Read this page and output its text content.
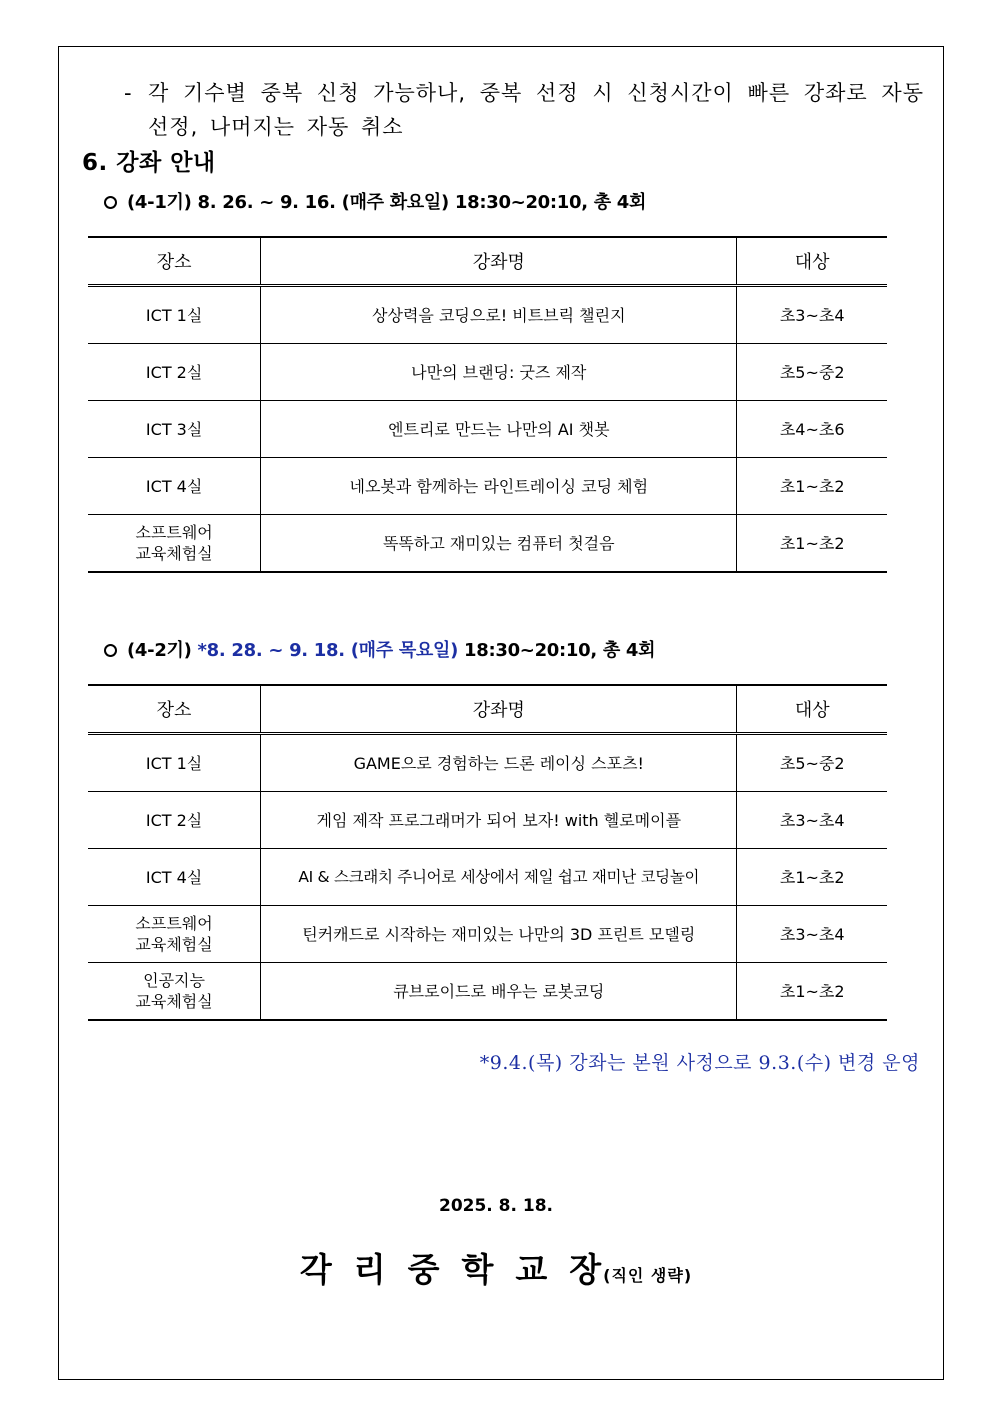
- 각 기수별 중복 신청 가능하나, 중복 선정 시 신청시간이 빠른 강좌로 자동 선정, 나머지는 자동 취소
6. 강좌 안내
(4-1기) 8. 26. ~ 9. 16. (매주 화요일) 18:30~20:10, 총 4회
장소	강좌명	대상
ICT 1실	상상력을 코딩으로! 비트브릭 챌린지	초3~초4
ICT 2실	나만의 브랜딩: 굿즈 제작	초5~중2
ICT 3실	엔트리로 만드는 나만의 AI 챗봇	초4~초6
ICT 4실	네오봇과 함께하는 라인트레이싱 코딩 체험	초1~초2
소프트웨어
교육체험실	똑똑하고 재미있는 컴퓨터 첫걸음	초1~초2
(4-2기) *8. 28. ~ 9. 18. (매주 목요일) 18:30~20:10, 총 4회
장소	강좌명	대상
ICT 1실	GAME으로 경험하는 드론 레이싱 스포츠!	초5~중2
ICT 2실	게임 제작 프로그래머가 되어 보자! with 헬로메이플	초3~초4
ICT 4실	AI & 스크래치 주니어로 세상에서 제일 쉽고 재미난 코딩놀이	초1~초2
소프트웨어
교육체험실	틴커캐드로 시작하는 재미있는 나만의 3D 프린트 모델링	초3~초4
인공지능
교육체험실	큐브로이드로 배우는 로봇코딩	초1~초2
*9.4.(목) 강좌는 본원 사정으로 9.3.(수) 변경 운영
2025. 8. 18.
각리중학교장(직인 생략)
